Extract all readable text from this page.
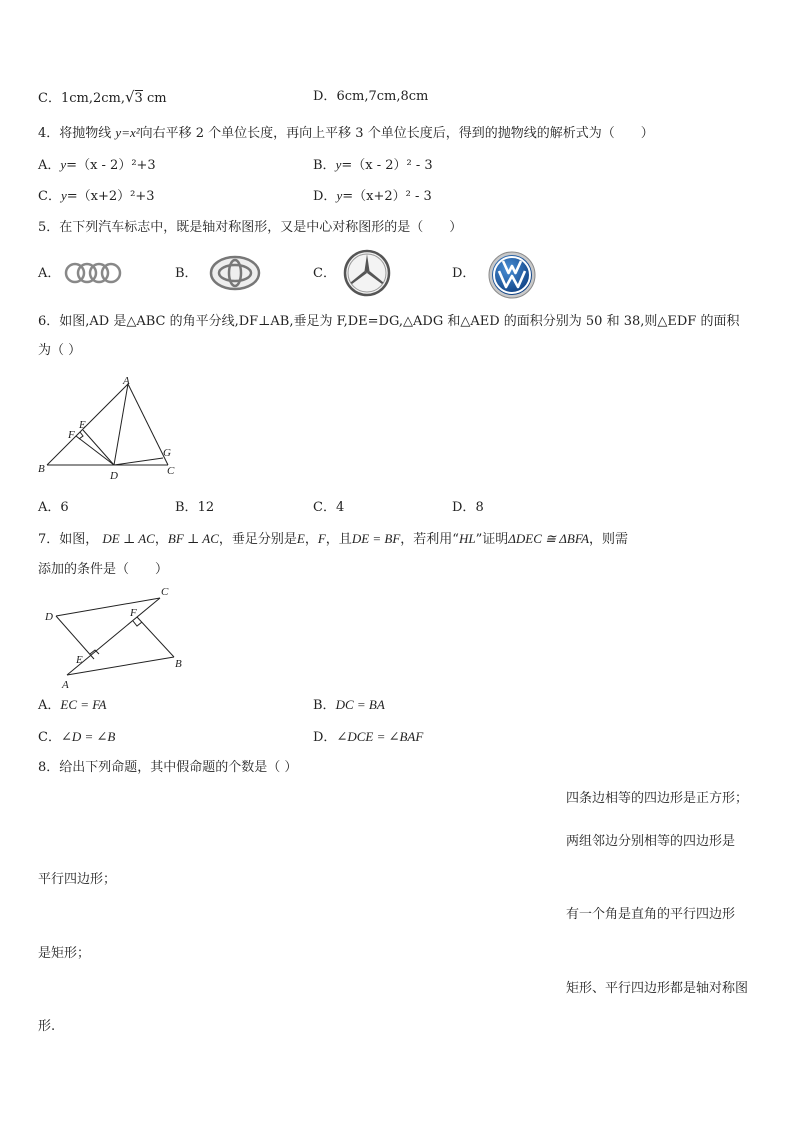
C．1cm,2cm,√3 cm	D．6cm,7cm,8cm
4．将抛物线 y=x²向右平移 2 个单位长度，再向上平移 3 个单位长度后，得到的抛物线的解析式为（　　）
A．y=（x - 2）²+3	B．y=（x - 2）² - 3
C．y=（x+2）²+3	D．y=（x+2）² - 3
5．在下列汽车标志中，既是轴对称图形，又是中心对称图形的是（　　）
A．	B．	C．	D．
6．如图,AD 是△ABC 的角平分线,DF⊥AB,垂足为 F,DE=DG,△ADG 和△AED 的面积分别为 50 和 38,则△EDF 的面积
为（ ）
A
E
F
G
B
D	C
A．6	B．12	C．4	D．8
7．如图， DE ⊥ AC，BF ⊥ AC，垂足分别是E，F，且DE = BF，若利用“HL”证明ΔDEC ≅ ΔBFA，则需
添加的条件是（　　）
C
D	F
E	B
A
A．EC = FA	B．DC = BA
C．∠D = ∠B	D．∠DCE = ∠BAF
8．给出下列命题，其中假命题的个数是（ ）
四条边相等的四边形是正方形；
两组邻边分别相等的四边形是
平行四边形；
有一个角是直角的平行四边形
是矩形；
矩形、平行四边形都是轴对称图
形.
